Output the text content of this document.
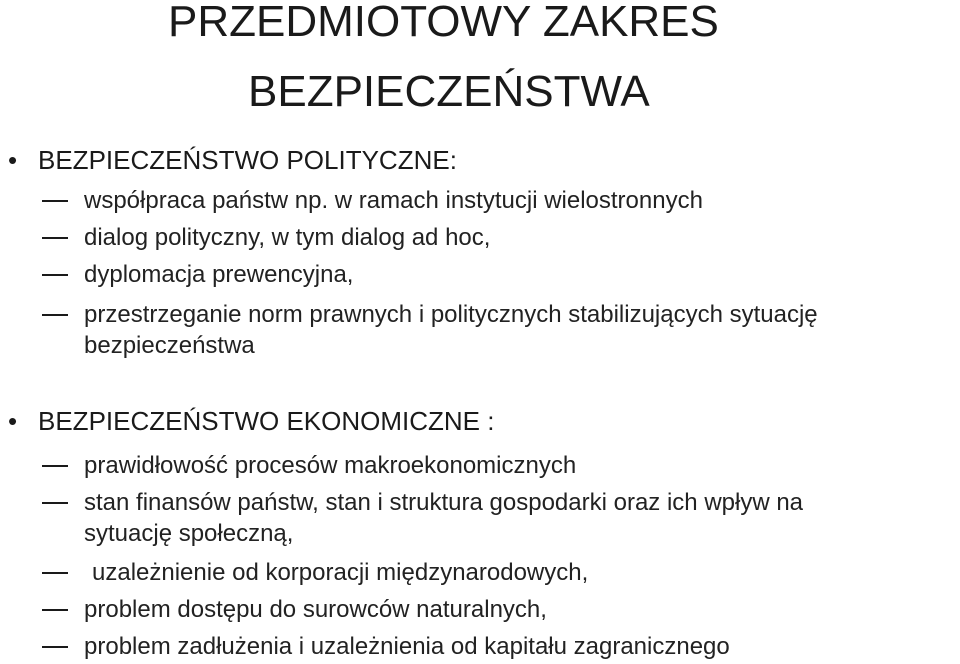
PRZEDMIOTOWY ZAKRES
BEZPIECZEŃSTWA
• BEZPIECZEŃSTWO POLITYCZNE:
współpraca państw np. w ramach instytucji wielostronnych
dialog polityczny, w tym dialog ad hoc,
dyplomacja prewencyjna,
przestrzeganie norm prawnych i politycznych stabilizujących sytuację
bezpieczeństwa
• BEZPIECZEŃSTWO EKONOMICZNE :
prawidłowość procesów makroekonomicznych
stan finansów państw, stan i struktura gospodarki oraz ich wpływ na
sytuację społeczną,
uzależnienie od korporacji międzynarodowych,
problem dostępu do surowców naturalnych,
problem zadłużenia i uzależnienia od kapitału zagranicznego
